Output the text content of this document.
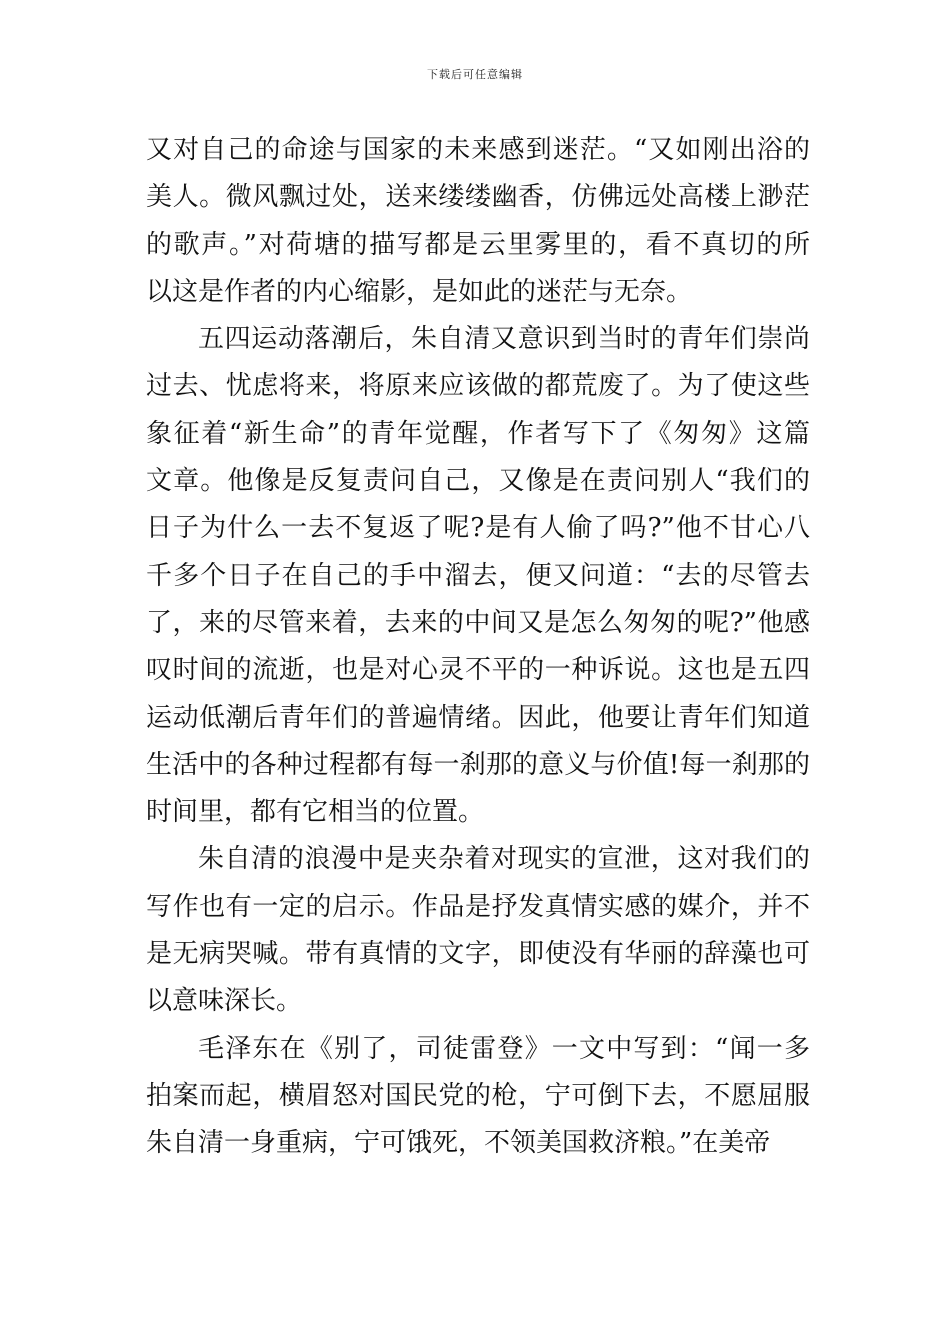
下载后可任意编辑
又对自己的命途与国家的未来感到迷茫。“又如刚出浴的
美人。微风飘过处，送来缕缕幽香，仿佛远处高楼上渺茫
的歌声。”对荷塘的描写都是云里雾里的，看不真切的所
以这是作者的内心缩影，是如此的迷茫与无奈。
五四运动落潮后，朱自清又意识到当时的青年们崇尚
过去、忧虑将来，将原来应该做的都荒废了。为了使这些
象征着“新生命”的青年觉醒，作者写下了《匆匆》这篇
文章。他像是反复责问自己，又像是在责问别人“我们的
日子为什么一去不复返了呢?是有人偷了吗?”他不甘心八
千多个日子在自己的手中溜去，便又问道：“去的尽管去
了，来的尽管来着，去来的中间又是怎么匆匆的呢?”他感
叹时间的流逝，也是对心灵不平的一种诉说。这也是五四
运动低潮后青年们的普遍情绪。因此，他要让青年们知道
生活中的各种过程都有每一刹那的意义与价值!每一刹那的
时间里，都有它相当的位置。
朱自清的浪漫中是夹杂着对现实的宣泄，这对我们的
写作也有一定的启示。作品是抒发真情实感的媒介，并不
是无病哭喊。带有真情的文字，即使没有华丽的辞藻也可
以意味深长。
毛泽东在《别了，司徒雷登》一文中写到：“闻一多
拍案而起，横眉怒对国民党的枪，宁可倒下去，不愿屈服
朱自清一身重病，宁可饿死，不领美国救济粮。”在美帝
